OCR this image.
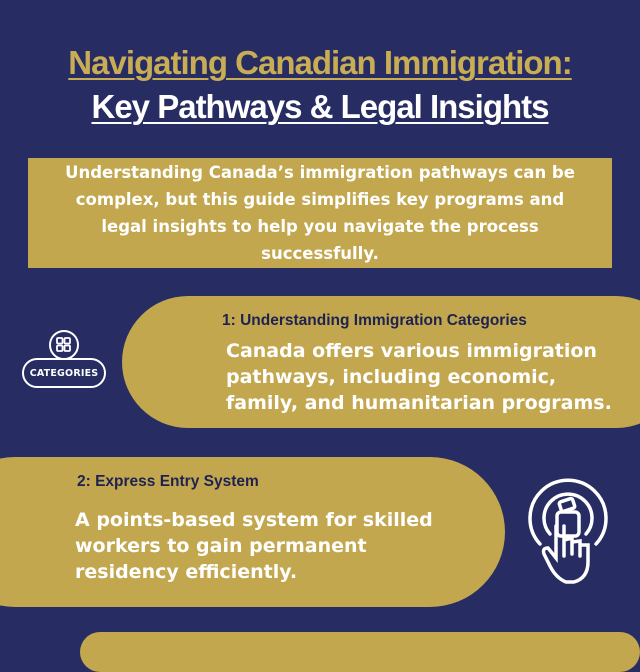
Navigating Canadian Immigration:
Key Pathways & Legal Insights
Understanding Canada’s immigration pathways can be complex, but this guide simplifies key programs and legal insights to help you navigate the process successfully.
CATEGORIES
1: Understanding Immigration Categories
Canada offers various immigration pathways, including economic, family, and humanitarian programs.
2: Express Entry System
A points-based system for skilled workers to gain permanent residency efficiently.
